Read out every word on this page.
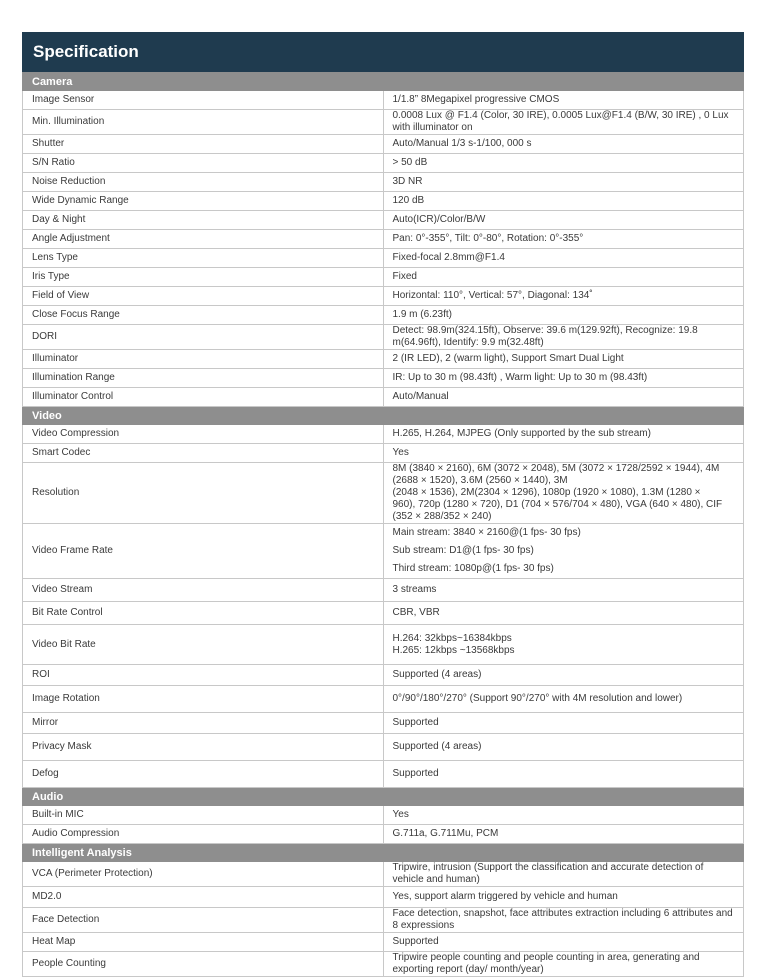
Specification
Camera	
Image Sensor	1/1.8” 8Megapixel progressive CMOS
Min. Illumination	0.0008 Lux @ F1.4 (Color, 30 IRE), 0.0005 Lux@F1.4 (B/W, 30 IRE) , 0 Lux with illuminator on
Shutter	Auto/Manual 1/3 s-1/100, 000 s
S/N Ratio	> 50 dB
Noise Reduction	3D NR
Wide Dynamic Range	120 dB
Day & Night	Auto(ICR)/Color/B/W
Angle Adjustment	Pan: 0°-355°, Tilt: 0°-80°, Rotation: 0°-355°
Lens Type	Fixed-focal 2.8mm@F1.4
Iris Type	Fixed
Field of View	Horizontal: 110°, Vertical: 57°, Diagonal: 134˚
Close Focus Range	1.9 m (6.23ft)
DORI	Detect: 98.9m(324.15ft), Observe: 39.6 m(129.92ft), Recognize: 19.8 m(64.96ft), Identify: 9.9 m(32.48ft)
Illuminator	2 (IR LED), 2 (warm light), Support Smart Dual Light
Illumination Range	IR: Up to 30 m (98.43ft) , Warm light: Up to 30 m (98.43ft)
Illuminator Control	Auto/Manual
Video	
Video Compression	H.265, H.264, MJPEG (Only supported by the sub stream)
Smart Codec	Yes
Resolution	8M (3840 × 2160), 6M (3072 × 2048), 5M (3072 × 1728/2592 × 1944), 4M (2688 × 1520), 3.6M (2560 × 1440), 3M
(2048 × 1536), 2M(2304 × 1296), 1080p (1920 × 1080), 1.3M (1280 ×
960), 720p (1280 × 720), D1 (704 × 576/704 × 480), VGA (640 × 480), CIF (352 × 288/352 × 240)

Video Frame Rate	Main stream: 3840 × 2160@(1 fps- 30 fps)
Sub stream: D1@(1 fps- 30 fps)
Third stream: 1080p@(1 fps- 30 fps)

Video Stream	3 streams
Bit Rate Control	CBR, VBR
Video Bit Rate	H.264: 32kbps~16384kbps
H.265: 12kbps ~13568kbps

ROI	Supported (4 areas)
Image Rotation	0°/90°/180°/270° (Support 90°/270° with 4M resolution and lower)
Mirror	Supported
Privacy Mask	Supported (4 areas)
Defog	Supported
Audio	
Built-in MIC	Yes
Audio Compression	G.711a, G.711Mu, PCM
Intelligent Analysis	
VCA (Perimeter Protection)	Tripwire, intrusion (Support the classification and accurate detection of vehicle and human)
MD2.0	Yes, support alarm triggered by vehicle and human
Face Detection	Face detection, snapshot, face attributes extraction including 6 attributes and 8 expressions
Heat Map	Supported
People Counting	Tripwire people counting and people counting in area, generating and exporting report (day/ month/year)
